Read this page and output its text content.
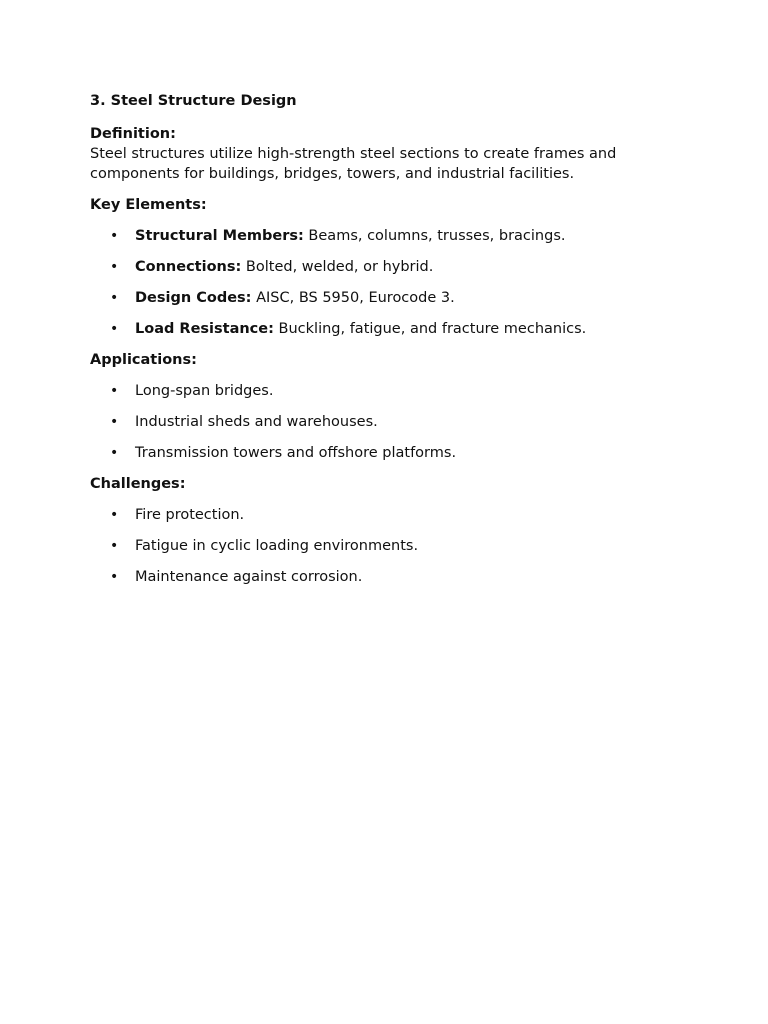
3. Steel Structure Design
Definition:

Steel structures utilize high-strength steel sections to create frames and components for buildings, bridges, towers, and industrial facilities.

Key Elements:
• Structural Members: Beams, columns, trusses, bracings.
• Connections: Bolted, welded, or hybrid.
• Design Codes: AISC, BS 5950, Eurocode 3.
• Load Resistance: Buckling, fatigue, and fracture mechanics.
Applications:
• Long-span bridges.
• Industrial sheds and warehouses.
• Transmission towers and offshore platforms.
Challenges:
• Fire protection.
• Fatigue in cyclic loading environments.
• Maintenance against corrosion.
